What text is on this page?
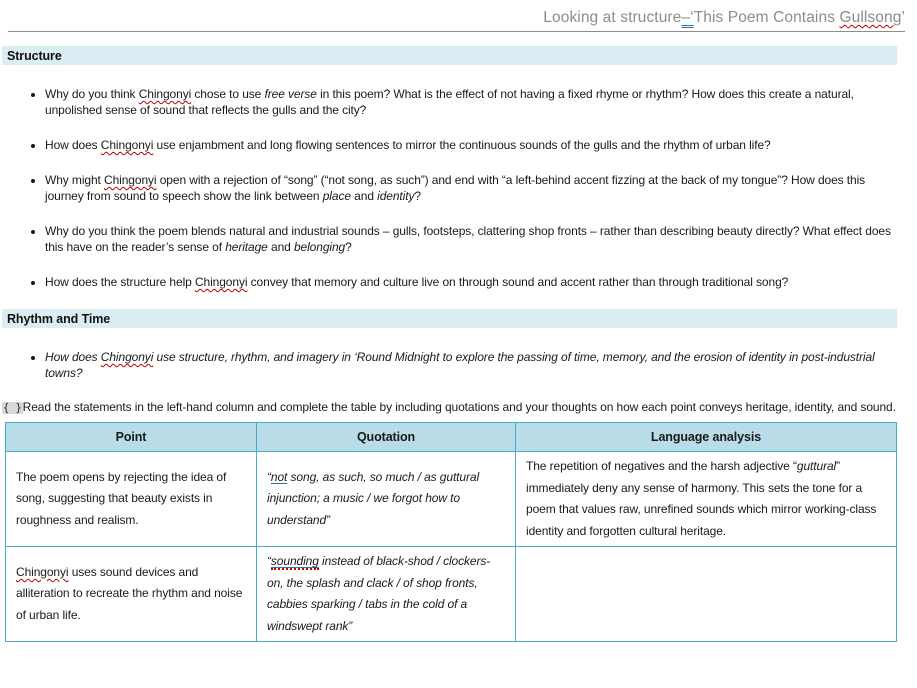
Looking at structure–‘This Poem Contains Gullsong’
Structure
• Why do you think Chingonyi chose to use free verse in this poem? What is the effect of not having a fixed rhyme or rhythm? How does this create a natural, unpolished sense of sound that reflects the gulls and the city?
• How does Chingonyi use enjambment and long flowing sentences to mirror the continuous sounds of the gulls and the rhythm of urban life?
• Why might Chingonyi open with a rejection of “song” (“not song, as such”) and end with “a left-behind accent fizzing at the back of my tongue”? How does this journey from sound to speech show the link between place and identity?
• Why do you think the poem blends natural and industrial sounds – gulls, footsteps, clattering shop fronts – rather than describing beauty directly? What effect does this have on the reader’s sense of heritage and belonging?
• How does the structure help Chingonyi convey that memory and culture live on through sound and accent rather than through traditional song?
Rhythm and Time
• How does Chingonyi use structure, rhythm, and imagery in ‘Round Midnight to explore the passing of time, memory, and the erosion of identity in post-industrial towns?

{ }Read the statements in the left-hand column and complete the table by including quotations and your thoughts on how each point conveys heritage, identity, and sound.

Point	Quotation	Language analysis
The poem opens by rejecting the idea of song, suggesting that beauty exists in roughness and realism.	“not song, as such, so much / as guttural injunction; a music / we forgot how to understand”	The repetition of negatives and the harsh adjective “guttural” immediately deny any sense of harmony. This sets the tone for a poem that values raw, unrefined sounds which mirror working-class identity and forgotten cultural heritage.
Chingonyi uses sound devices and alliteration to recreate the rhythm and noise of urban life.	“sounding instead of black-shod / clockers-on, the splash and clack / of shop fronts, cabbies sparking / tabs in the cold of a windswept rank”	
